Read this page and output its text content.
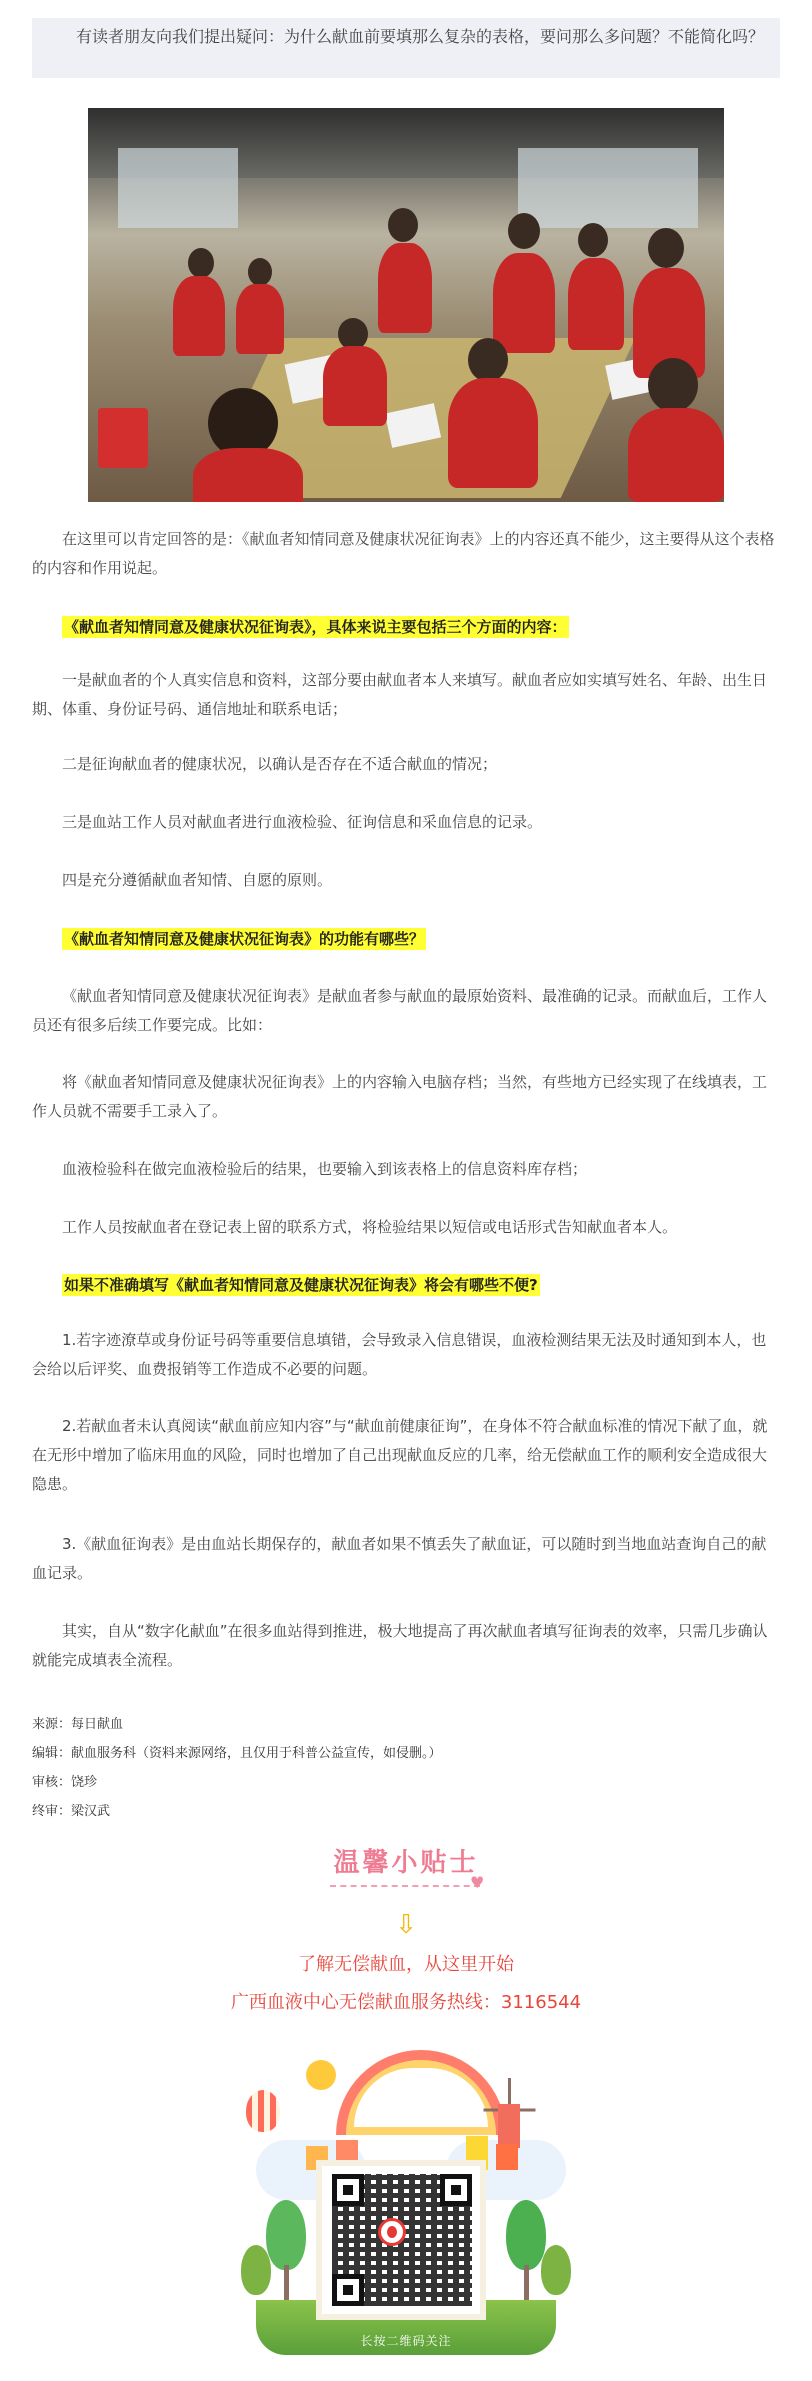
有读者朋友向我们提出疑问：为什么献血前要填那么复杂的表格，要问那么多问题？不能简化吗？

在这里可以肯定回答的是：《献血者知情同意及健康状况征询表》上的内容还真不能少，这主要得从这个表格的内容和作用说起。

《献血者知情同意及健康状况征询表》，具体来说主要包括三个方面的内容：

一是献血者的个人真实信息和资料，这部分要由献血者本人来填写。献血者应如实填写姓名、年龄、出生日期、体重、身份证号码、通信地址和联系电话；

二是征询献血者的健康状况，以确认是否存在不适合献血的情况；

三是血站工作人员对献血者进行血液检验、征询信息和采血信息的记录。

四是充分遵循献血者知情、自愿的原则。

《献血者知情同意及健康状况征询表》的功能有哪些？

《献血者知情同意及健康状况征询表》是献血者参与献血的最原始资料、最准确的记录。而献血后，工作人员还有很多后续工作要完成。比如：

将《献血者知情同意及健康状况征询表》上的内容输入电脑存档；当然，有些地方已经实现了在线填表，工作人员就不需要手工录入了。

血液检验科在做完血液检验后的结果，也要输入到该表格上的信息资料库存档；

工作人员按献血者在登记表上留的联系方式，将检验结果以短信或电话形式告知献血者本人。

如果不准确填写《献血者知情同意及健康状况征询表》将会有哪些不便?

1.若字迹潦草或身份证号码等重要信息填错，会导致录入信息错误，血液检测结果无法及时通知到本人，也会给以后评奖、血费报销等工作造成不必要的问题。

2.若献血者未认真阅读“献血前应知内容”与“献血前健康征询”，在身体不符合献血标准的情况下献了血，就在无形中增加了临床用血的风险，同时也增加了自己出现献血反应的几率，给无偿献血工作的顺利安全造成很大隐患。

3.《献血征询表》是由血站长期保存的，献血者如果不慎丢失了献血证，可以随时到当地血站查询自己的献血记录。

其实，自从“数字化献血”在很多血站得到推进，极大地提高了再次献血者填写征询表的效率，只需几步确认就能完成填表全流程。

来源：每日献血
编辑：献血服务科（资料来源网络，且仅用于科普公益宣传，如侵删。）
审核：饶珍
终审：梁汉武
温馨小贴士
♥
⇩
了解无偿献血，从这里开始
广西血液中心无偿献血服务热线：3116544
长按二维码关注
